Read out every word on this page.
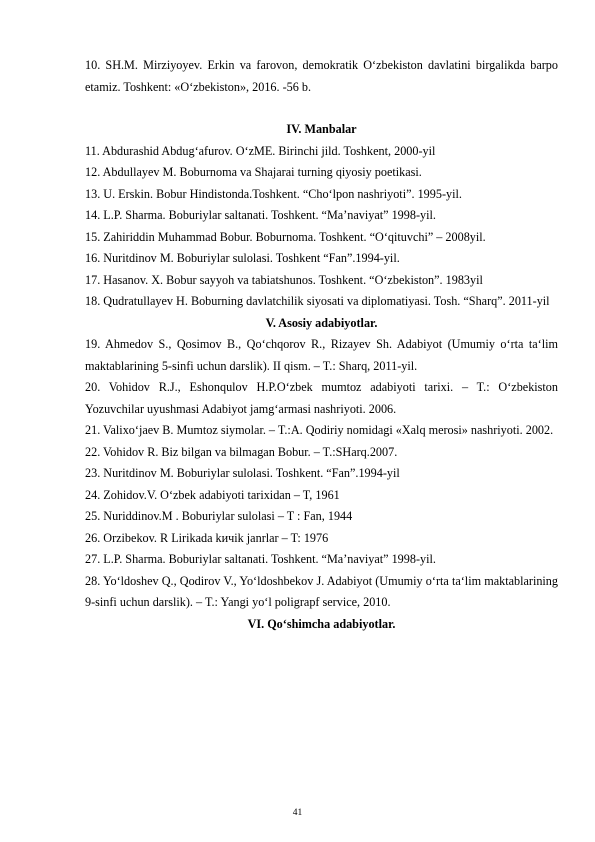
10. SH.M. Mirziyoyev. Erkin va farovon, demokratik O‘zbekiston davlatini birgalikda barpo etamiz. Toshkent: «O‘zbekiston», 2016. -56 b.

IV. Manbalar

11. Abdurashid Abdug‘afurov. O‘zME. Birinchi jild. Toshkent, 2000-yil

12. Abdullayev M. Boburnoma va Shajarai turning qiyosiy poetikasi.

13. U. Erskin. Bobur Hindistonda.Toshkent. “Cho‘lpon nashriyoti”. 1995-yil.

14. L.P. Sharma. Boburiylar saltanati. Toshkent. “Ma’naviyat” 1998-yil.

15. Zahiriddin Muhammad Bobur. Boburnoma. Toshkent. “O‘qituvchi” – 2008yil.

16. Nuritdinov M. Boburiylar sulolasi. Toshkent “Fan”.1994-yil.

17. Hasanov. X. Bobur sayyoh va tabiatshunos. Toshkent. “O‘zbekiston”. 1983yil

18. Qudratullayev H. Boburning davlatchilik siyosati va diplomatiyasi. Tosh. “Sharq”. 2011-yil

V. Asosiy adabiyotlar.

19. Ahmedov S., Qosimov B., Qo‘chqorov R., Rizayev Sh. Adabiyot (Umumiy o‘rta ta‘lim maktablarining 5-sinfi uchun darslik). II qism. – T.: Sharq, 2011-yil.

20. Vohidov R.J., Eshonqulov H.P.O‘zbek mumtoz adabiyoti tarixi. – T.: O‘zbekiston Yozuvchilar uyushmasi Adabiyot jamg‘armasi nashriyoti. 2006.

21. Valixo‘jaev B. Mumtoz siymolar. – T.:A. Qodiriy nomidagi «Xalq merosi» nashriyoti. 2002.

22. Vohidov R. Biz bilgan va bilmagan Bobur. – T.:SHarq.2007.

23. Nuritdinov M. Boburiylar sulolasi. Toshkent. “Fan”.1994-yil

24. Zohidov.V. O‘zbek adabiyoti tarixidan – T, 1961

25. Nuriddinov.M . Boburiylar sulolasi – T : Fan, 1944

26. Orzibekov. R Lirikada kичik janrlar – T: 1976

27. L.P. Sharma. Boburiylar saltanati. Toshkent. “Ma’naviyat” 1998-yil.

28. Yo‘ldoshev Q., Qodirov V., Yo‘ldoshbekov J. Adabiyot (Umumiy o‘rta ta‘lim maktablarining 9-sinfi uchun darslik). – T.: Yangi yo‘l poligrapf service, 2010.

VI. Qo‘shimcha adabiyotlar.

41
